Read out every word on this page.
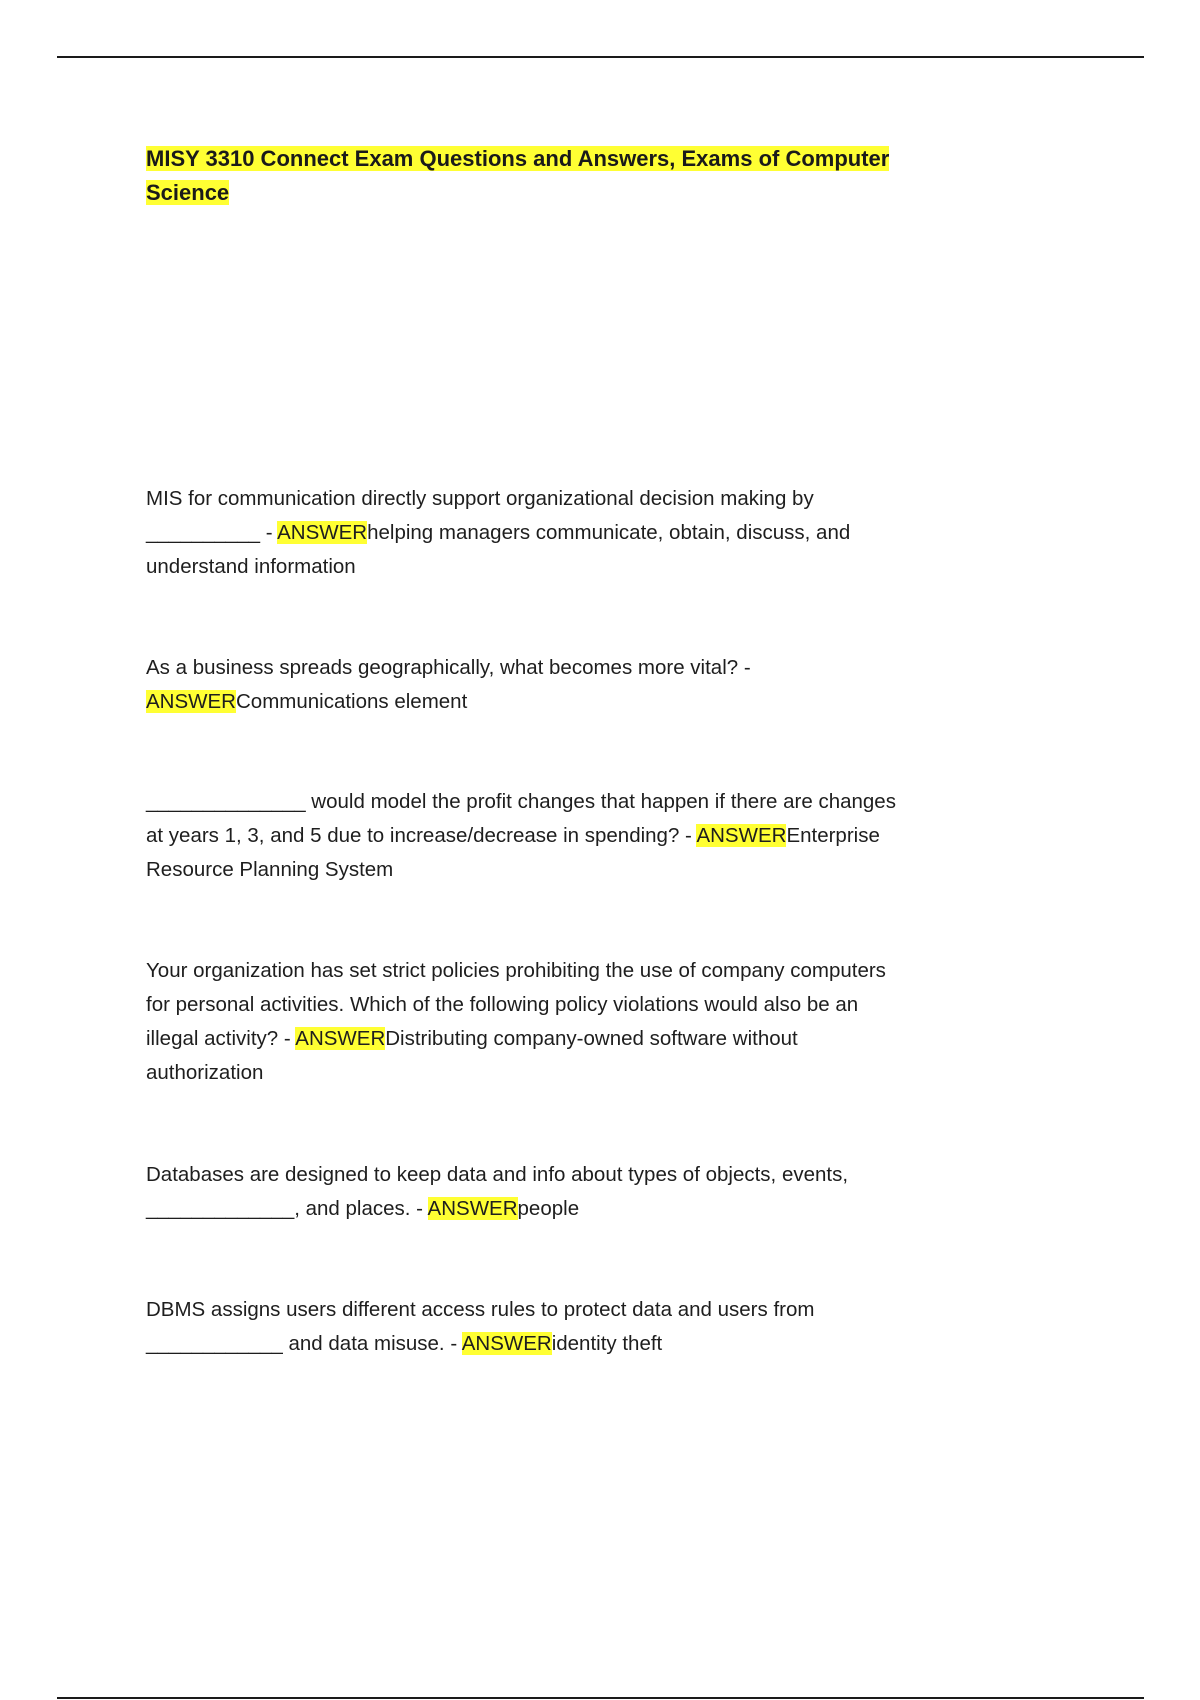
MISY 3310 Connect Exam Questions and Answers, Exams of Computer Science

MIS for communication directly support organizational decision making by __________ - ANSWERhelping managers communicate, obtain, discuss, and understand information

As a business spreads geographically, what becomes more vital? - ANSWERCommunications element

______________ would model the profit changes that happen if there are changes at years 1, 3, and 5 due to increase/decrease in spending? - ANSWEREnterprise Resource Planning System

Your organization has set strict policies prohibiting the use of company computers for personal activities. Which of the following policy violations would also be an illegal activity? - ANSWERDistributing company-owned software without authorization

Databases are designed to keep data and info about types of objects, events, _____________, and places. - ANSWERpeople

DBMS assigns users different access rules to protect data and users from ____________ and data misuse. - ANSWERidentity theft
